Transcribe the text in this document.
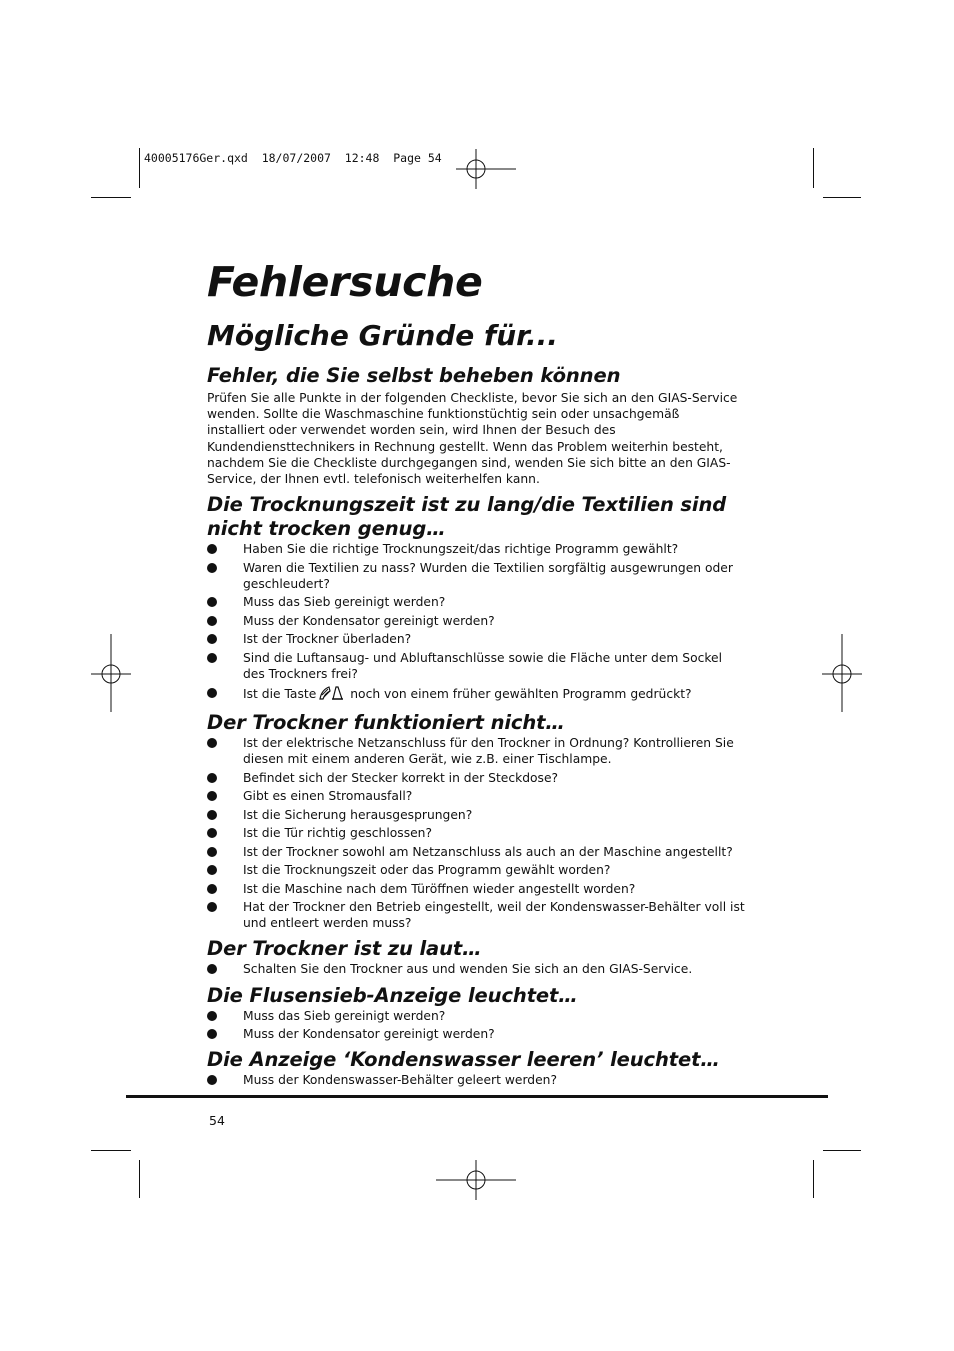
40005176Ger.qxd  18/07/2007  12:48  Page 54
Fehlersuche
Mögliche Gründe für...
Fehler, die Sie selbst beheben können

Prüfen Sie alle Punkte in der folgenden Checkliste, bevor Sie sich an den GIAS-Service wenden. Sollte die Waschmaschine funktionstüchtig sein oder unsachgemäß installiert oder verwendet worden sein, wird Ihnen der Besuch des Kundendiensttechnikers in Rechnung gestellt. Wenn das Problem weiterhin besteht, nachdem Sie die Checkliste durchgegangen sind, wenden Sie sich bitte an den GIAS-Service, der Ihnen evtl. telefonisch weiterhelfen kann.

Die Trocknungszeit ist zu lang/die Textilien sind nicht trocken genug…
Haben Sie die richtige Trocknungszeit/das richtige Programm gewählt?
Waren die Textilien zu nass? Wurden die Textilien sorgfältig ausgewrungen oder geschleudert?
Muss das Sieb gereinigt werden?
Muss der Kondensator gereinigt werden?
Ist der Trockner überladen?
Sind die Luftansaug- und Abluftanschlüsse sowie die Fläche unter dem Sockel des Trockners frei?
Ist die Taste	noch von einem früher gewählten Programm gedrückt?
Der Trockner funktioniert nicht…
Ist der elektrische Netzanschluss für den Trockner in Ordnung? Kontrollieren Sie diesen mit einem anderen Gerät, wie z.B. einer Tischlampe.
Befindet sich der Stecker korrekt in der Steckdose?
Gibt es einen Stromausfall?
Ist die Sicherung herausgesprungen?
Ist die Tür richtig geschlossen?
Ist der Trockner sowohl am Netzanschluss als auch an der Maschine angestellt?
Ist die Trocknungszeit oder das Programm gewählt worden?
Ist die Maschine nach dem Türöffnen wieder angestellt worden?
Hat der Trockner den Betrieb eingestellt, weil der Kondenswasser-Behälter voll ist und entleert werden muss?
Der Trockner ist zu laut…
Schalten Sie den Trockner aus und wenden Sie sich an den GIAS-Service.
Die Flusensieb-Anzeige leuchtet…
Muss das Sieb gereinigt werden?
Muss der Kondensator gereinigt werden?
Die Anzeige ‘Kondenswasser leeren’ leuchtet…
Muss der Kondenswasser-Behälter geleert werden?
54
